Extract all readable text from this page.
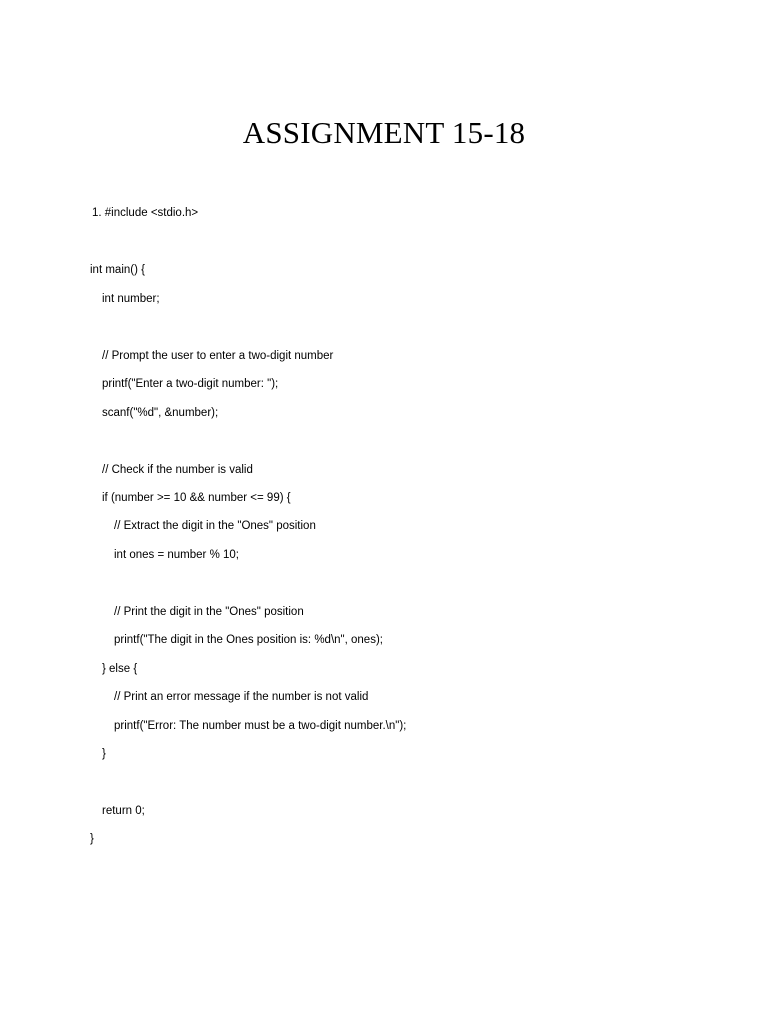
ASSIGNMENT 15-18
1. #include <stdio.h>
int main() {
int number;
// Prompt the user to enter a two-digit number
printf("Enter a two-digit number: ");
scanf("%d", &number);
// Check if the number is valid
if (number >= 10 && number <= 99) {
// Extract the digit in the "Ones" position
int ones = number % 10;
// Print the digit in the "Ones" position
printf("The digit in the Ones position is: %d\n", ones);
} else {
// Print an error message if the number is not valid
printf("Error: The number must be a two-digit number.\n");
}
return 0;
}
